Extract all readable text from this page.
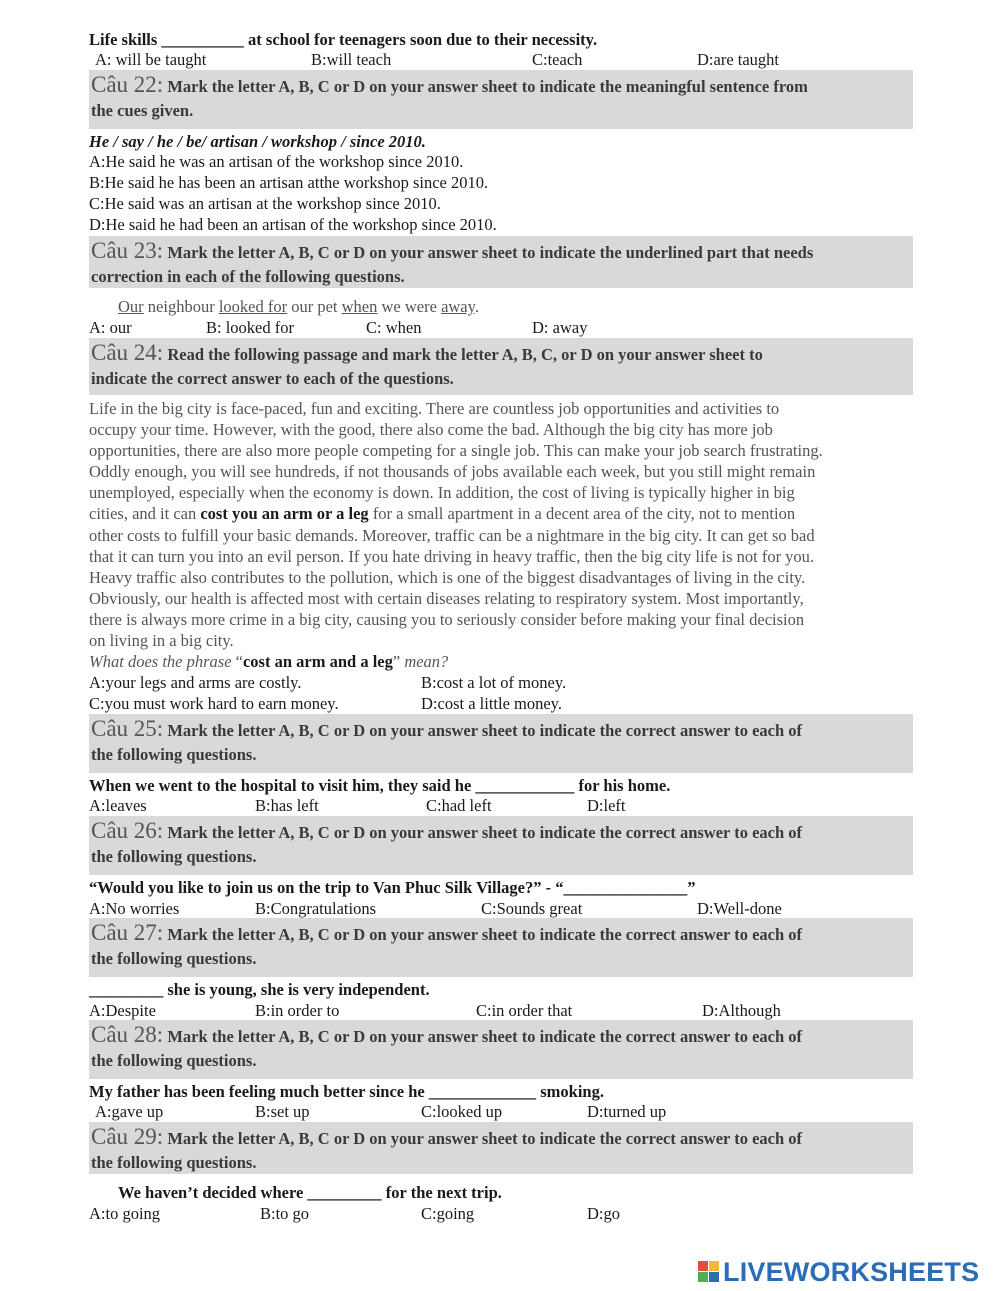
Life skills __________ at school for teenagers soon due to their necessity.
A: will be taught	B:will teach	C:teach	D:are taught
Câu 22: Mark the letter A, B, C or D on your answer sheet to indicate the meaningful sentence from
the cues given.
He / say / he / be/ artisan / workshop / since 2010.
A:He said he was an artisan of the workshop since 2010.
B:He said he has been an artisan atthe workshop since 2010.
C:He said was an artisan at the workshop since 2010.
D:He said he had been an artisan of the workshop since 2010.
Câu 23: Mark the letter A, B, C or D on your answer sheet to indicate the underlined part that needs
correction in each of the following questions.
Our neighbour looked for our pet when we were away.
A: our	B: looked for	C: when	D: away
Câu 24: Read the following passage and mark the letter A, B, C, or D on your answer sheet to
indicate the correct answer to each of the questions.
Life in the big city is face-paced, fun and exciting. There are countless job opportunities and activities to
occupy your time. However, with the good, there also come the bad. Although the big city has more job
opportunities, there are also more people competing for a single job. This can make your job search frustrating.
Oddly enough, you will see hundreds, if not thousands of jobs available each week, but you still might remain
unemployed, especially when the economy is down. In addition, the cost of living is typically higher in big
cities, and it can cost you an arm or a leg for a small apartment in a decent area of the city, not to mention
other costs to fulfill your basic demands. Moreover, traffic can be a nightmare in the big city. It can get so bad
that it can turn you into an evil person. If you hate driving in heavy traffic, then the big city life is not for you.
Heavy traffic also contributes to the pollution, which is one of the biggest disadvantages of living in the city.
Obviously, our health is affected most with certain diseases relating to respiratory system. Most importantly,
there is always more crime in a big city, causing you to seriously consider before making your final decision
on living in a big city.
What does the phrase “cost an arm and a leg” mean?
A:your legs and arms are costly.	B:cost a lot of money.
C:you must work hard to earn money.	D:cost a little money.
Câu 25: Mark the letter A, B, C or D on your answer sheet to indicate the correct answer to each of
the following questions.
When we went to the hospital to visit him, they said he ____________ for his home.
A:leaves	B:has left	C:had left	D:left
Câu 26: Mark the letter A, B, C or D on your answer sheet to indicate the correct answer to each of
the following questions.
“Would you like to join us on the trip to Van Phuc Silk Village?” - “_______________”
A:No worries	B:Congratulations	C:Sounds great	D:Well-done
Câu 27: Mark the letter A, B, C or D on your answer sheet to indicate the correct answer to each of
the following questions.
_________ she is young, she is very independent.
A:Despite	B:in order to	C:in order that	D:Although
Câu 28: Mark the letter A, B, C or D on your answer sheet to indicate the correct answer to each of
the following questions.
My father has been feeling much better since he _____________ smoking.
A:gave up	B:set up	C:looked up	D:turned up
Câu 29: Mark the letter A, B, C or D on your answer sheet to indicate the correct answer to each of
the following questions.
We haven’t decided where _________ for the next trip.
A:to going	B:to go	C:going	D:go
LIVEWORKSHEETS
